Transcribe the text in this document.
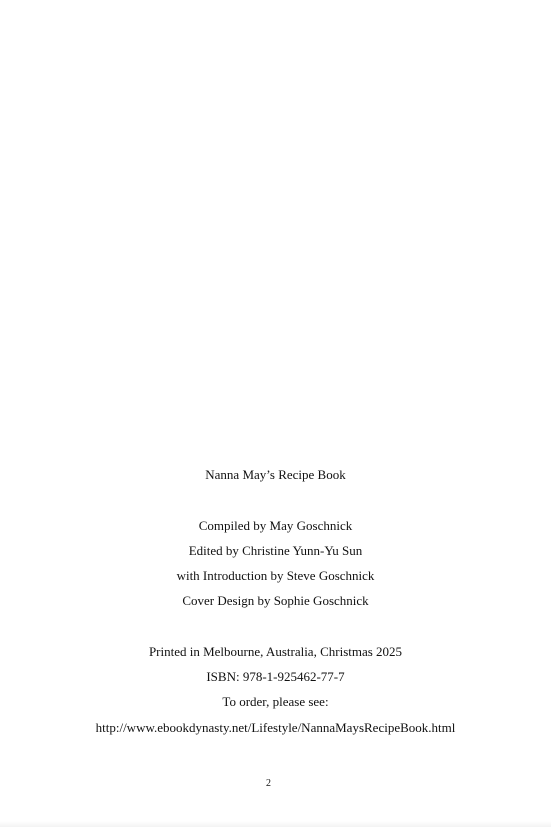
Nanna May’s Recipe Book
Compiled by May Goschnick
Edited by Christine Yunn-Yu Sun
with Introduction by Steve Goschnick
Cover Design by Sophie Goschnick
Printed in Melbourne, Australia, Christmas 2025
ISBN: 978-1-925462-77-7
To order, please see:
http://www.ebookdynasty.net/Lifestyle/NannaMaysRecipeBook.html
2
